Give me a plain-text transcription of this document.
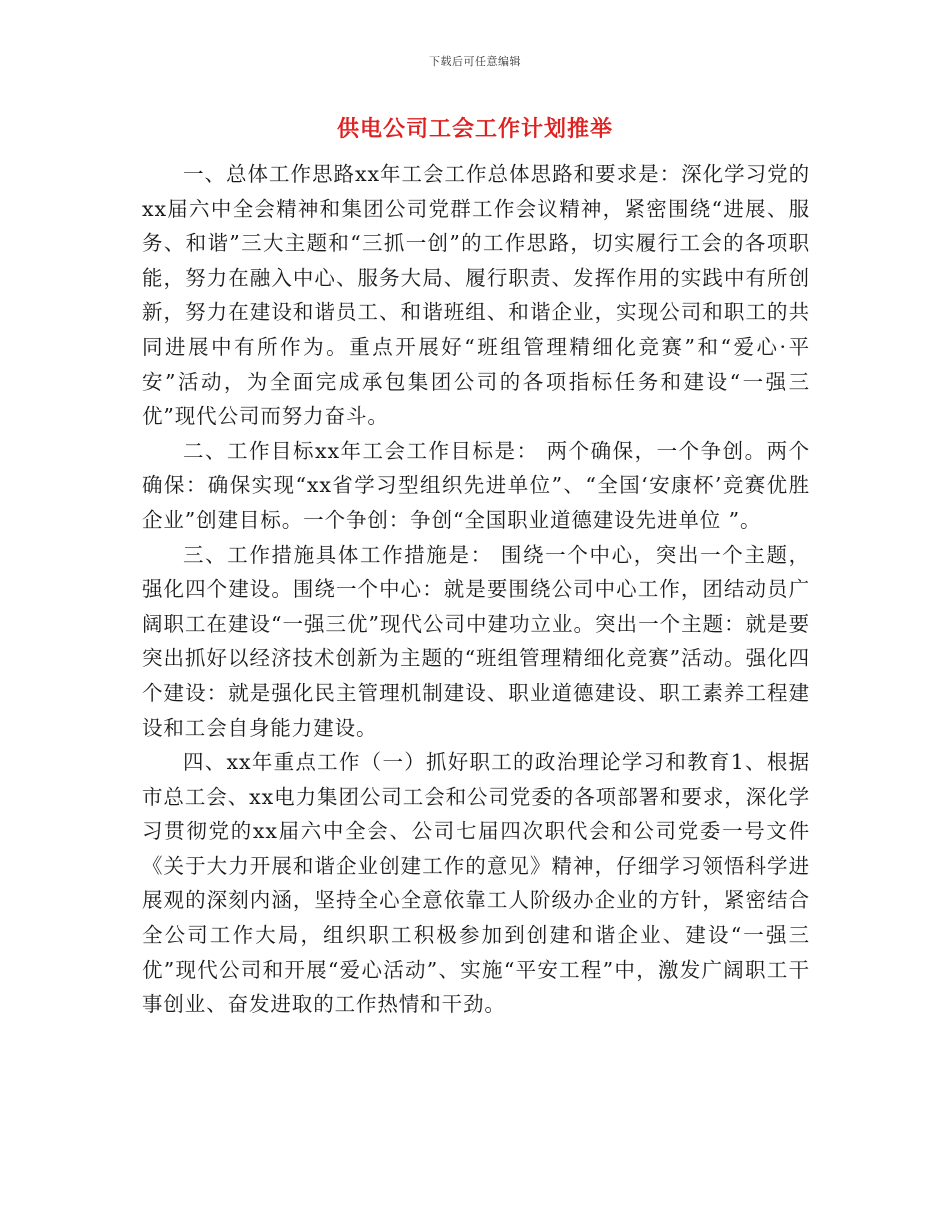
下载后可任意编辑
供电公司工会工作计划推举

一、总体工作思路xx年工会工作总体思路和要求是：深化学习党的xx届六中全会精神和集团公司党群工作会议精神，紧密围绕“进展、服务、和谐”三大主题和“三抓一创”的工作思路，切实履行工会的各项职能，努力在融入中心、服务大局、履行职责、发挥作用的实践中有所创新，努力在建设和谐员工、和谐班组、和谐企业，实现公司和职工的共同进展中有所作为。重点开展好“班组管理精细化竞赛”和“爱心·平安”活动，为全面完成承包集团公司的各项指标任务和建设“一强三优”现代公司而努力奋斗。

二、工作目标xx年工会工作目标是： 两个确保，一个争创。两个确保：确保实现“xx省学习型组织先进单位”、“全国‘安康杯’竞赛优胜企业”创建目标。一个争创：争创“全国职业道德建设先进单位 ”。

三、工作措施具体工作措施是： 围绕一个中心，突出一个主题，强化四个建设。围绕一个中心：就是要围绕公司中心工作，团结动员广阔职工在建设“一强三优”现代公司中建功立业。突出一个主题：就是要突出抓好以经济技术创新为主题的“班组管理精细化竞赛”活动。强化四个建设：就是强化民主管理机制建设、职业道德建设、职工素养工程建设和工会自身能力建设。

四、xx年重点工作（一）抓好职工的政治理论学习和教育1、根据市总工会、xx电力集团公司工会和公司党委的各项部署和要求，深化学习贯彻党的xx届六中全会、公司七届四次职代会和公司党委一号文件《关于大力开展和谐企业创建工作的意见》精神，仔细学习领悟科学进展观的深刻内涵，坚持全心全意依靠工人阶级办企业的方针，紧密结合全公司工作大局，组织职工积极参加到创建和谐企业、建设“一强三优”现代公司和开展“爱心活动”、实施“平安工程”中，激发广阔职工干事创业、奋发进取的工作热情和干劲。
